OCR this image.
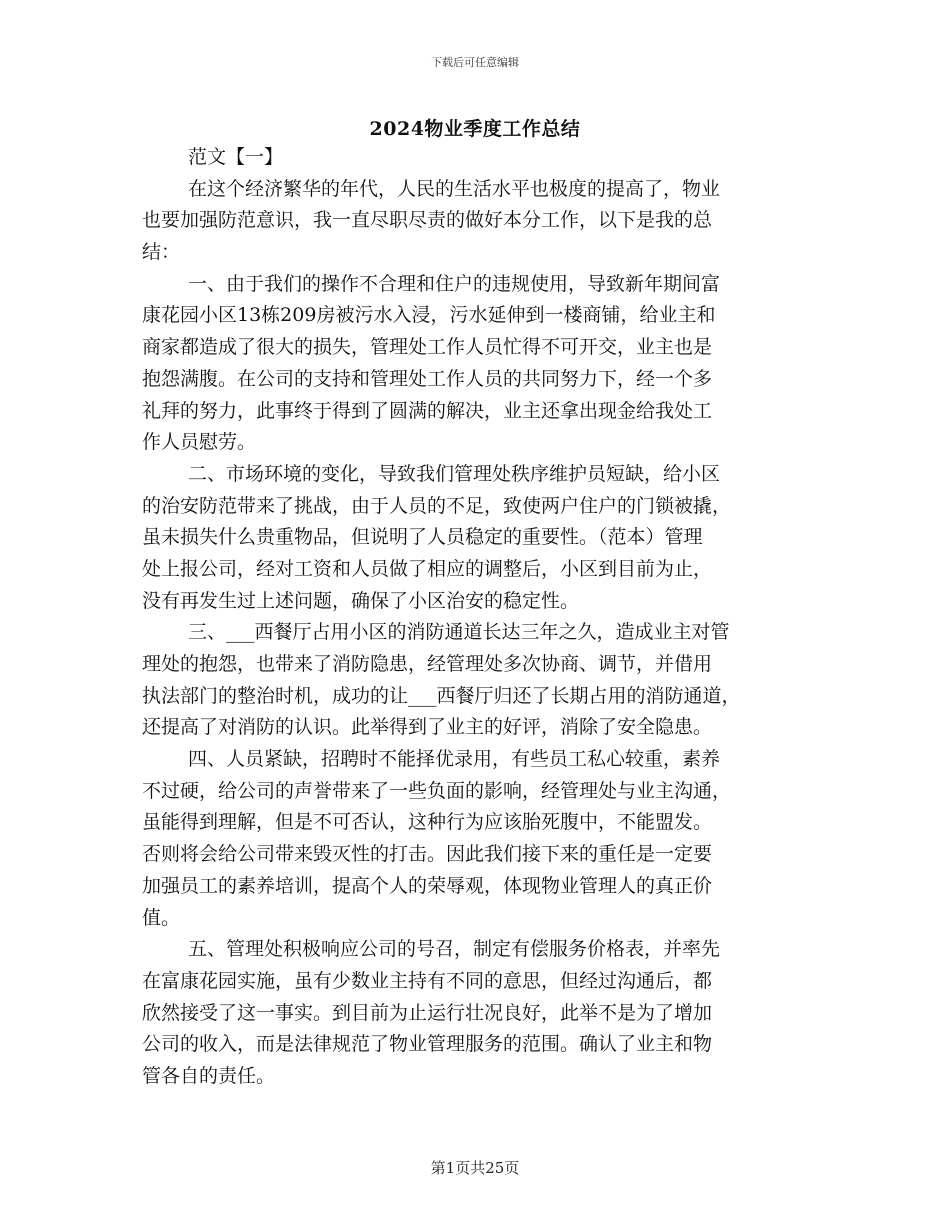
下载后可任意编辑
2024物业季度工作总结
范文【一】
在这个经济繁华的年代，人民的生活水平也极度的提高了，物业
也要加强防范意识，我一直尽职尽责的做好本分工作，以下是我的总
结：
一、由于我们的操作不合理和住户的违规使用，导致新年期间富
康花园小区13栋209房被污水入浸，污水延伸到一楼商铺，给业主和
商家都造成了很大的损失，管理处工作人员忙得不可开交，业主也是
抱怨满腹。在公司的支持和管理处工作人员的共同努力下，经一个多
礼拜的努力，此事终于得到了圆满的解决，业主还拿出现金给我处工
作人员慰劳。
二、市场环境的变化，导致我们管理处秩序维护员短缺，给小区
的治安防范带来了挑战，由于人员的不足，致使两户住户的门锁被撬，
虽未损失什么贵重物品，但说明了人员稳定的重要性。（范本）管理
处上报公司，经对工资和人员做了相应的调整后，小区到目前为止，
没有再发生过上述问题，确保了小区治安的稳定性。
三、___西餐厅占用小区的消防通道长达三年之久，造成业主对管
理处的抱怨，也带来了消防隐患，经管理处多次协商、调节，并借用
执法部门的整治时机，成功的让___西餐厅归还了长期占用的消防通道，
还提高了对消防的认识。此举得到了业主的好评，消除了安全隐患。
四、人员紧缺，招聘时不能择优录用，有些员工私心较重，素养
不过硬，给公司的声誉带来了一些负面的影响，经管理处与业主沟通，
虽能得到理解，但是不可否认，这种行为应该胎死腹中，不能盟发。
否则将会给公司带来毁灭性的打击。因此我们接下来的重任是一定要
加强员工的素养培训，提高个人的荣辱观，体现物业管理人的真正价
值。
五、管理处积极响应公司的号召，制定有偿服务价格表，并率先
在富康花园实施，虽有少数业主持有不同的意思，但经过沟通后，都
欣然接受了这一事实。到目前为止运行壮况良好，此举不是为了增加
公司的收入，而是法律规范了物业管理服务的范围。确认了业主和物
管各自的责任。
第1页共25页
